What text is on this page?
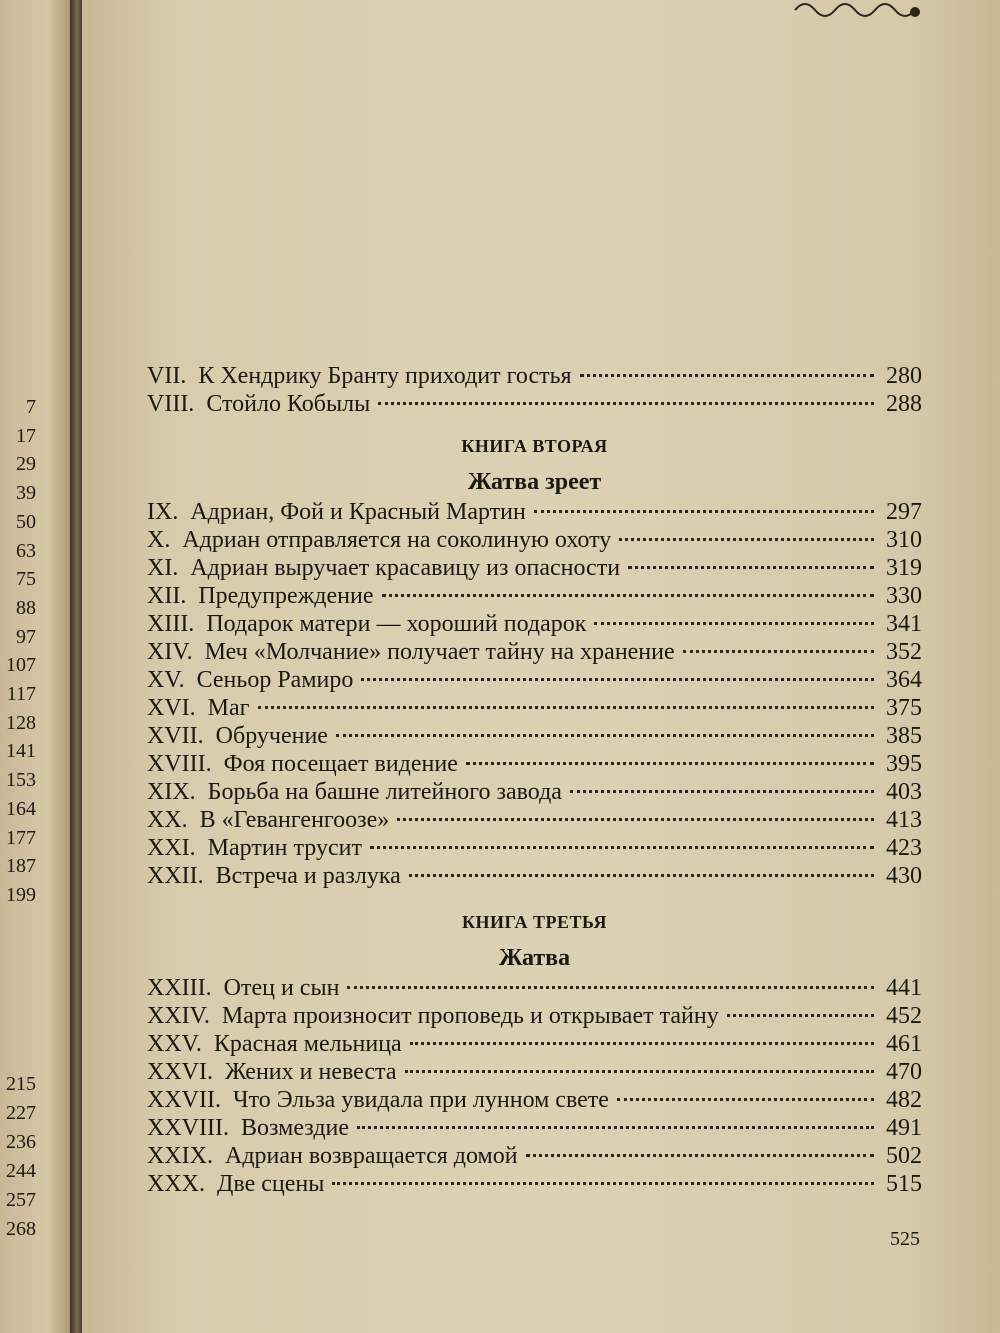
7
17
29
39
50
63
75
88
97
107
117
128
141
153
164
177
187
199
215
227
236
244
257
268
VII. К Хендрику Бранту приходит гостья	280
VIII. Стойло Кобылы	288
КНИГА ВТОРАЯ
Жатва зреет
IX. Адриан, Фой и Красный Мартин	297
X. Адриан отправляется на соколиную охоту	310
XI. Адриан выручает красавицу из опасности	319
XII. Предупреждение	330
XIII. Подарок матери — хороший подарок	341
XIV. Меч «Молчание» получает тайну на хранение	352
XV. Сеньор Рамиро	364
XVI. Маг	375
XVII. Обручение	385
XVIII. Фоя посещает видение	395
XIX. Борьба на башне литейного завода	403
XX. В «Гевангенгоозе»	413
XXI. Мартин трусит	423
XXII. Встреча и разлука	430
КНИГА ТРЕТЬЯ
Жатва
XXIII. Отец и сын	441
XXIV. Марта произносит проповедь и открывает тайну	452
XXV. Красная мельница	461
XXVI. Жених и невеста	470
XXVII. Что Эльза увидала при лунном свете	482
XXVIII. Возмездие	491
XXIX. Адриан возвращается домой	502
XXX. Две сцены	515
525
